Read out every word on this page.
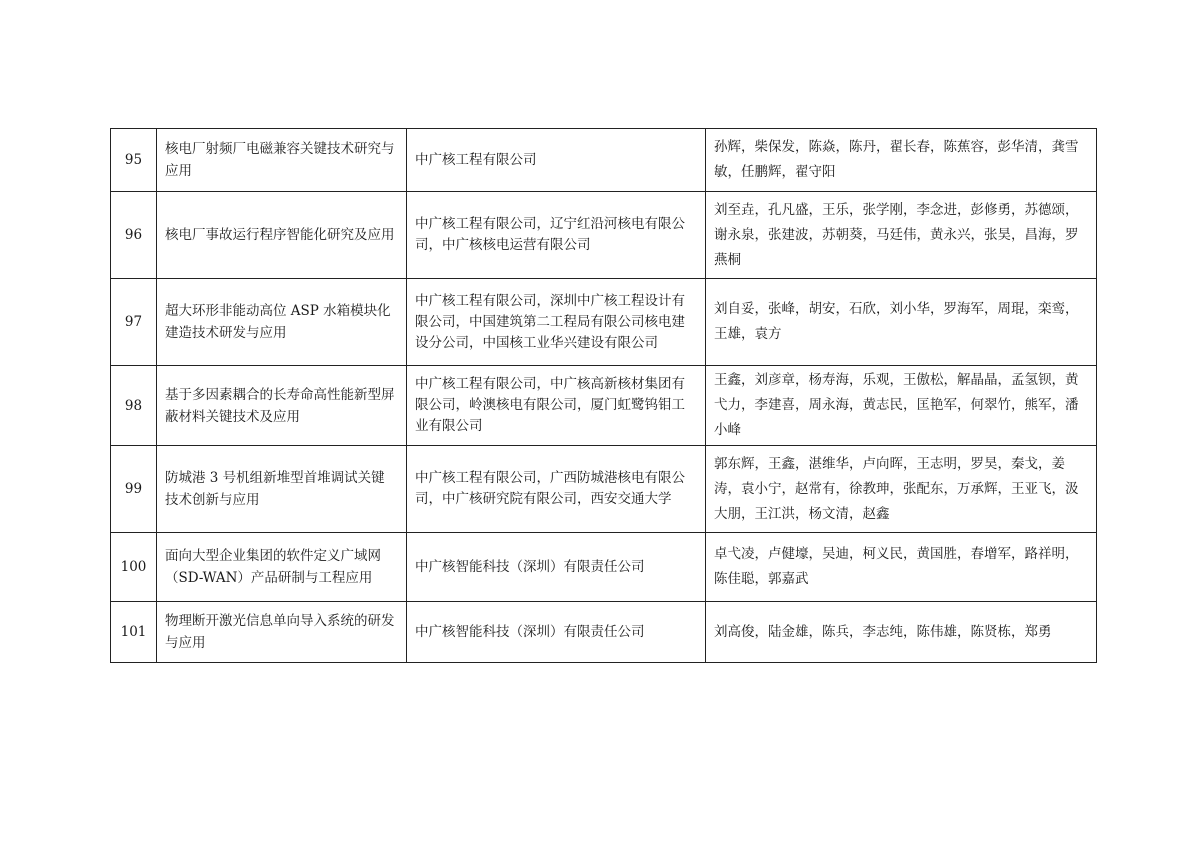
95	核电厂射频厂电磁兼容关键技术研究与应用	中广核工程有限公司	孙辉，柴保发，陈焱，陈丹，翟长春，陈蕉容，彭华清，龚雪敏，任鹏辉，翟守阳
96	核电厂事故运行程序智能化研究及应用	中广核工程有限公司，辽宁红沿河核电有限公司，中广核核电运营有限公司	刘至垚，孔凡盛，王乐，张学刚，李念进，彭修勇，苏德颂，谢永泉，张建波，苏朝葵，马廷伟，黄永兴，张昊，昌海，罗燕桐
97	超大环形非能动高位 ASP 水箱模块化建造技术研发与应用	中广核工程有限公司，深圳中广核工程设计有限公司，中国建筑第二工程局有限公司核电建设分公司，中国核工业华兴建设有限公司	刘自妥，张峰，胡安，石欣，刘小华，罗海军，周琨，栾鸾，王雄，袁方
98	基于多因素耦合的长寿命高性能新型屏蔽材料关键技术及应用	中广核工程有限公司，中广核高新核材集团有限公司，岭澳核电有限公司，厦门虹鹭钨钼工业有限公司	王鑫，刘彦章，杨寿海，乐观，王傲松，解晶晶，孟氢钡，黄弋力，李建喜，周永海，黄志民，匡艳军，何翠竹，熊军，潘小峰
99	防城港 3 号机组新堆型首堆调试关键技术创新与应用	中广核工程有限公司，广西防城港核电有限公司，中广核研究院有限公司，西安交通大学	郭东辉，王鑫，湛维华，卢向晖，王志明，罗昊，秦戈，姜涛，袁小宁，赵常有，徐教珅，张配东，万承辉，王亚飞，汲大朋，王江洪，杨文清，赵鑫
100	面向大型企业集团的软件定义广域网（SD-WAN）产品研制与工程应用	中广核智能科技（深圳）有限责任公司	卓弋凌，卢健壕，吴迪，柯义民，黄国胜，春增军，路祥明，陈佳聪，郭嘉武
101	物理断开激光信息单向导入系统的研发与应用	中广核智能科技（深圳）有限责任公司	刘高俊，陆金雄，陈兵，李志纯，陈伟雄，陈贤栋，郑勇
